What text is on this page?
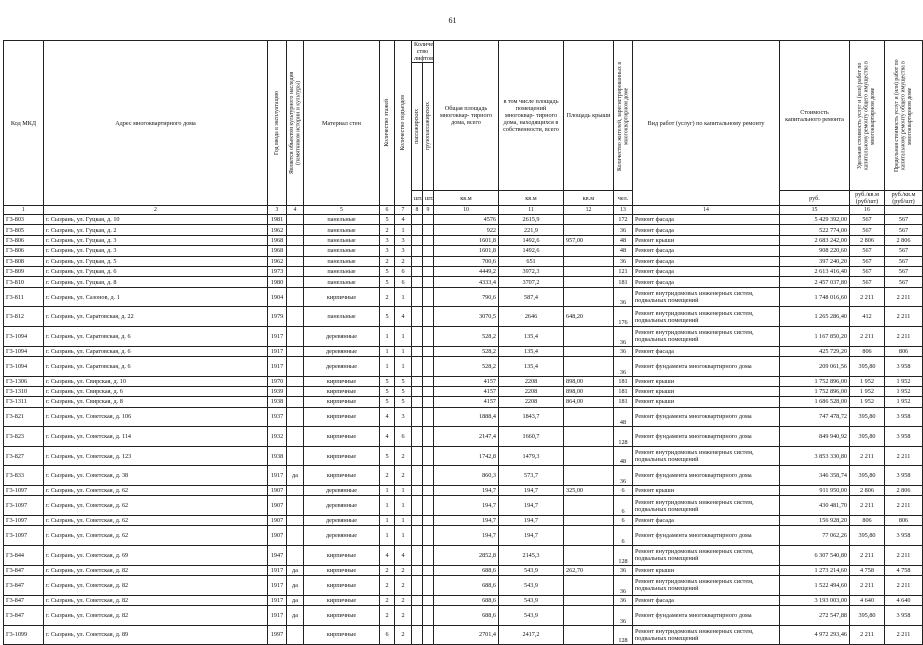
61
Код МКД	Адрес многоквартирного дома	Год ввода в эксплуатацию	Является объектом культурного наследия (памятником истории и культуры)	Материал стен	Количество этажей	Количество подъездов	Количе ство лифтов		Общая площадь многоквар- тирного дома, всего	в том числе площадь помещений многоквар- тирного дома, находящихся в собственности, всего	Площадь крыши	Количество жителей, зарегистрированных в многоквартирном доме	Вид работ (услуг) по капитальному ремонту	Стоимость капитального ремонта	Удельная стоимость услуг и (или) работ по капитальному ремонту общего имущества в многоквартирном доме	Предельная стоимость услуг и (или) работ по капитальному ремонту общего имущества в многоквартирном доме

							пассажирских	грузопассажирских								

							шт.	шт.	кв.м	кв.м	кв.м	чел.		руб.	руб./кв.м (руб/шт)	руб./кв.м (руб/шт)
1	2	3	4	5	6	7	8	9	10	11	12	13	14	15	16	
Г3-803	г. Сызрань, ул. Гуцкая, д. 10	1981		панельные	5	4			4576	2615,9		172	Ремонт фасада	5 429 392,00	567	567
Г3-805	г. Сызрань, ул. Гуцкая, д. 2	1962		панельные	2	1			922	221,9		36	Ремонт фасада	522 774,00	567	567
Г3-806	г. Сызрань, ул. Гуцкая, д. 3	1968		панельные	3	3			1601,8	1492,6	957,00	48	Ремонт крыши	2 683 242,00	2 806	2 806
Г3-806	г. Сызрань, ул. Гуцкая, д. 3	1968		панельные	3	3			1601,8	1492,6		48	Ремонт фасада	908 220,60	567	567
Г3-808	г. Сызрань, ул. Гуцкая, д. 5	1962		панельные	2	2			700,6	651		36	Ремонт фасада	397 240,20	567	567
Г3-809	г. Сызрань, ул. Гуцкая, д. 6	1973		панельные	5	6			4449,2	3972,3		121	Ремонт фасада	2 613 416,40	567	567
Г3-810	г. Сызрань, ул. Гуцкая, д. 8	1980		панельные	5	6			4333,4	3707,2		181	Ремонт фасада	2 457 037,80	567	567
Г3-811	г. Сызрань, ул. Сазонов, д. 1	1904		кирпичные	2	1			790,6	587,4		36	Ремонт внутридомовых инженерных систем, подвальных помещений	1 748 016,60	2 211	2 211
Г3-812	г. Сызрань, ул. Саратовская, д. 22	1979		панельные	5	4			3070,5	2646	648,20	176	Ремонт внутридомовых инженерных систем, подвальных помещений	1 265 286,40	412	2 211
Г3-1094	г. Сызрань, ул. Саратовская, д. 6	1917		деревянные	1	1			528,2	135,4		36	Ремонт внутридомовых инженерных систем, подвальных помещений	1 167 850,20	2 211	2 211
Г3-1094	г. Сызрань, ул. Саратовская, д. 6	1917		деревянные	1	1			528,2	135,4		36	Ремонт фасада	425 729,20	806	806
Г3-1094	г. Сызрань, ул. Саратовская, д. 6	1917		деревянные	1	1			528,2	135,4		36	Ремонт фундамента многоквартирного дома	209 061,56	395,80	3 958
Г3-1306	г. Сызрань, ул. Свирская, д. 10	1970		кирпичные	5	5			4157	2208	898,00	181	Ремонт крыши	1 752 896,00	1 952	1 952
Г3-1310	г. Сызрань, ул. Свирская, д. 6	1939		кирпичные	5	5			4157	2208	898,00	181	Ремонт крыши	1 752 896,00	1 952	1 952
Г3-1311	г. Сызрань, ул. Свирская, д. 8	1938		кирпичные	5	5			4157	2208	864,00	181	Ремонт крыши	1 686 528,00	1 952	1 952
Г3-821	г. Сызрань, ул. Советская, д. 106	1937		кирпичные	4	3			1888,4	1843,7		48	Ремонт фундамента многоквартирного дома	747 478,72	395,80	3 958
Г3-823	г. Сызрань, ул. Советская, д. 114	1932		кирпичные	4	6			2147,4	1660,7		128	Ремонт фундамента многоквартирного дома	849 940,92	395,80	3 958
Г3-827	г. Сызрань, ул. Советская, д. 123	1938		кирпичные	5	2			1742,8	1479,3		48	Ремонт внутридомовых инженерных систем, подвальных помещений	3 853 330,80	2 211	2 211
Г3-833	г. Сызрань, ул. Советская, д. 38	1917	да	кирпичные	2	2			860,3	573,7		36	Ремонт фундамента многоквартирного дома	346 358,74	395,80	3 958
Г3-1097	г. Сызрань, ул. Советская, д. 62	1907		деревянные	1	1			194,7	194,7	325,00	6	Ремонт крыши	911 950,00	2 806	2 806
Г3-1097	г. Сызрань, ул. Советская, д. 62	1907		деревянные	1	1			194,7	194,7		6	Ремонт внутридомовых инженерных систем, подвальных помещений	430 481,70	2 211	2 211
Г3-1097	г. Сызрань, ул. Советская, д. 62	1907		деревянные	1	1			194,7	194,7		6	Ремонт фасада	156 928,20	806	806
Г3-1097	г. Сызрань, ул. Советская, д. 62	1907		деревянные	1	1			194,7	194,7		6	Ремонт фундамента многоквартирного дома	77 062,26	395,80	3 958
Г3-844	г. Сызрань, ул. Советская, д. 69	1947		кирпичные	4	4			2852,8	2145,3		128	Ремонт внутридомовых инженерных систем, подвальных помещений	6 307 540,80	2 211	2 211
Г3-847	г. Сызрань, ул. Советская, д. 82	1917	да	кирпичные	2	2			688,6	543,9	262,70	36	Ремонт крыши	1 273 214,60	4 758	4 758
Г3-847	г. Сызрань, ул. Советская, д. 82	1917	да	кирпичные	2	2			688,6	543,9		36	Ремонт внутридомовых инженерных систем, подвальных помещений	1 522 494,60	2 211	2 211
Г3-847	г. Сызрань, ул. Советская, д. 82	1917	да	кирпичные	2	2			688,6	543,9		36	Ремонт фасада	3 193 003,00	4 640	4 640
Г3-847	г. Сызрань, ул. Советская, д. 82	1917	да	кирпичные	2	2			688,6	543,9		36	Ремонт фундамента многоквартирного дома	272 547,88	395,80	3 958
Г3-1099	г. Сызрань, ул. Советская, д. 89	1997		кирпичные	6	2			2701,4	2417,2		128	Ремонт внутридомовых инженерных систем, подвальных помещений	4 972 293,46	2 211	2 211
